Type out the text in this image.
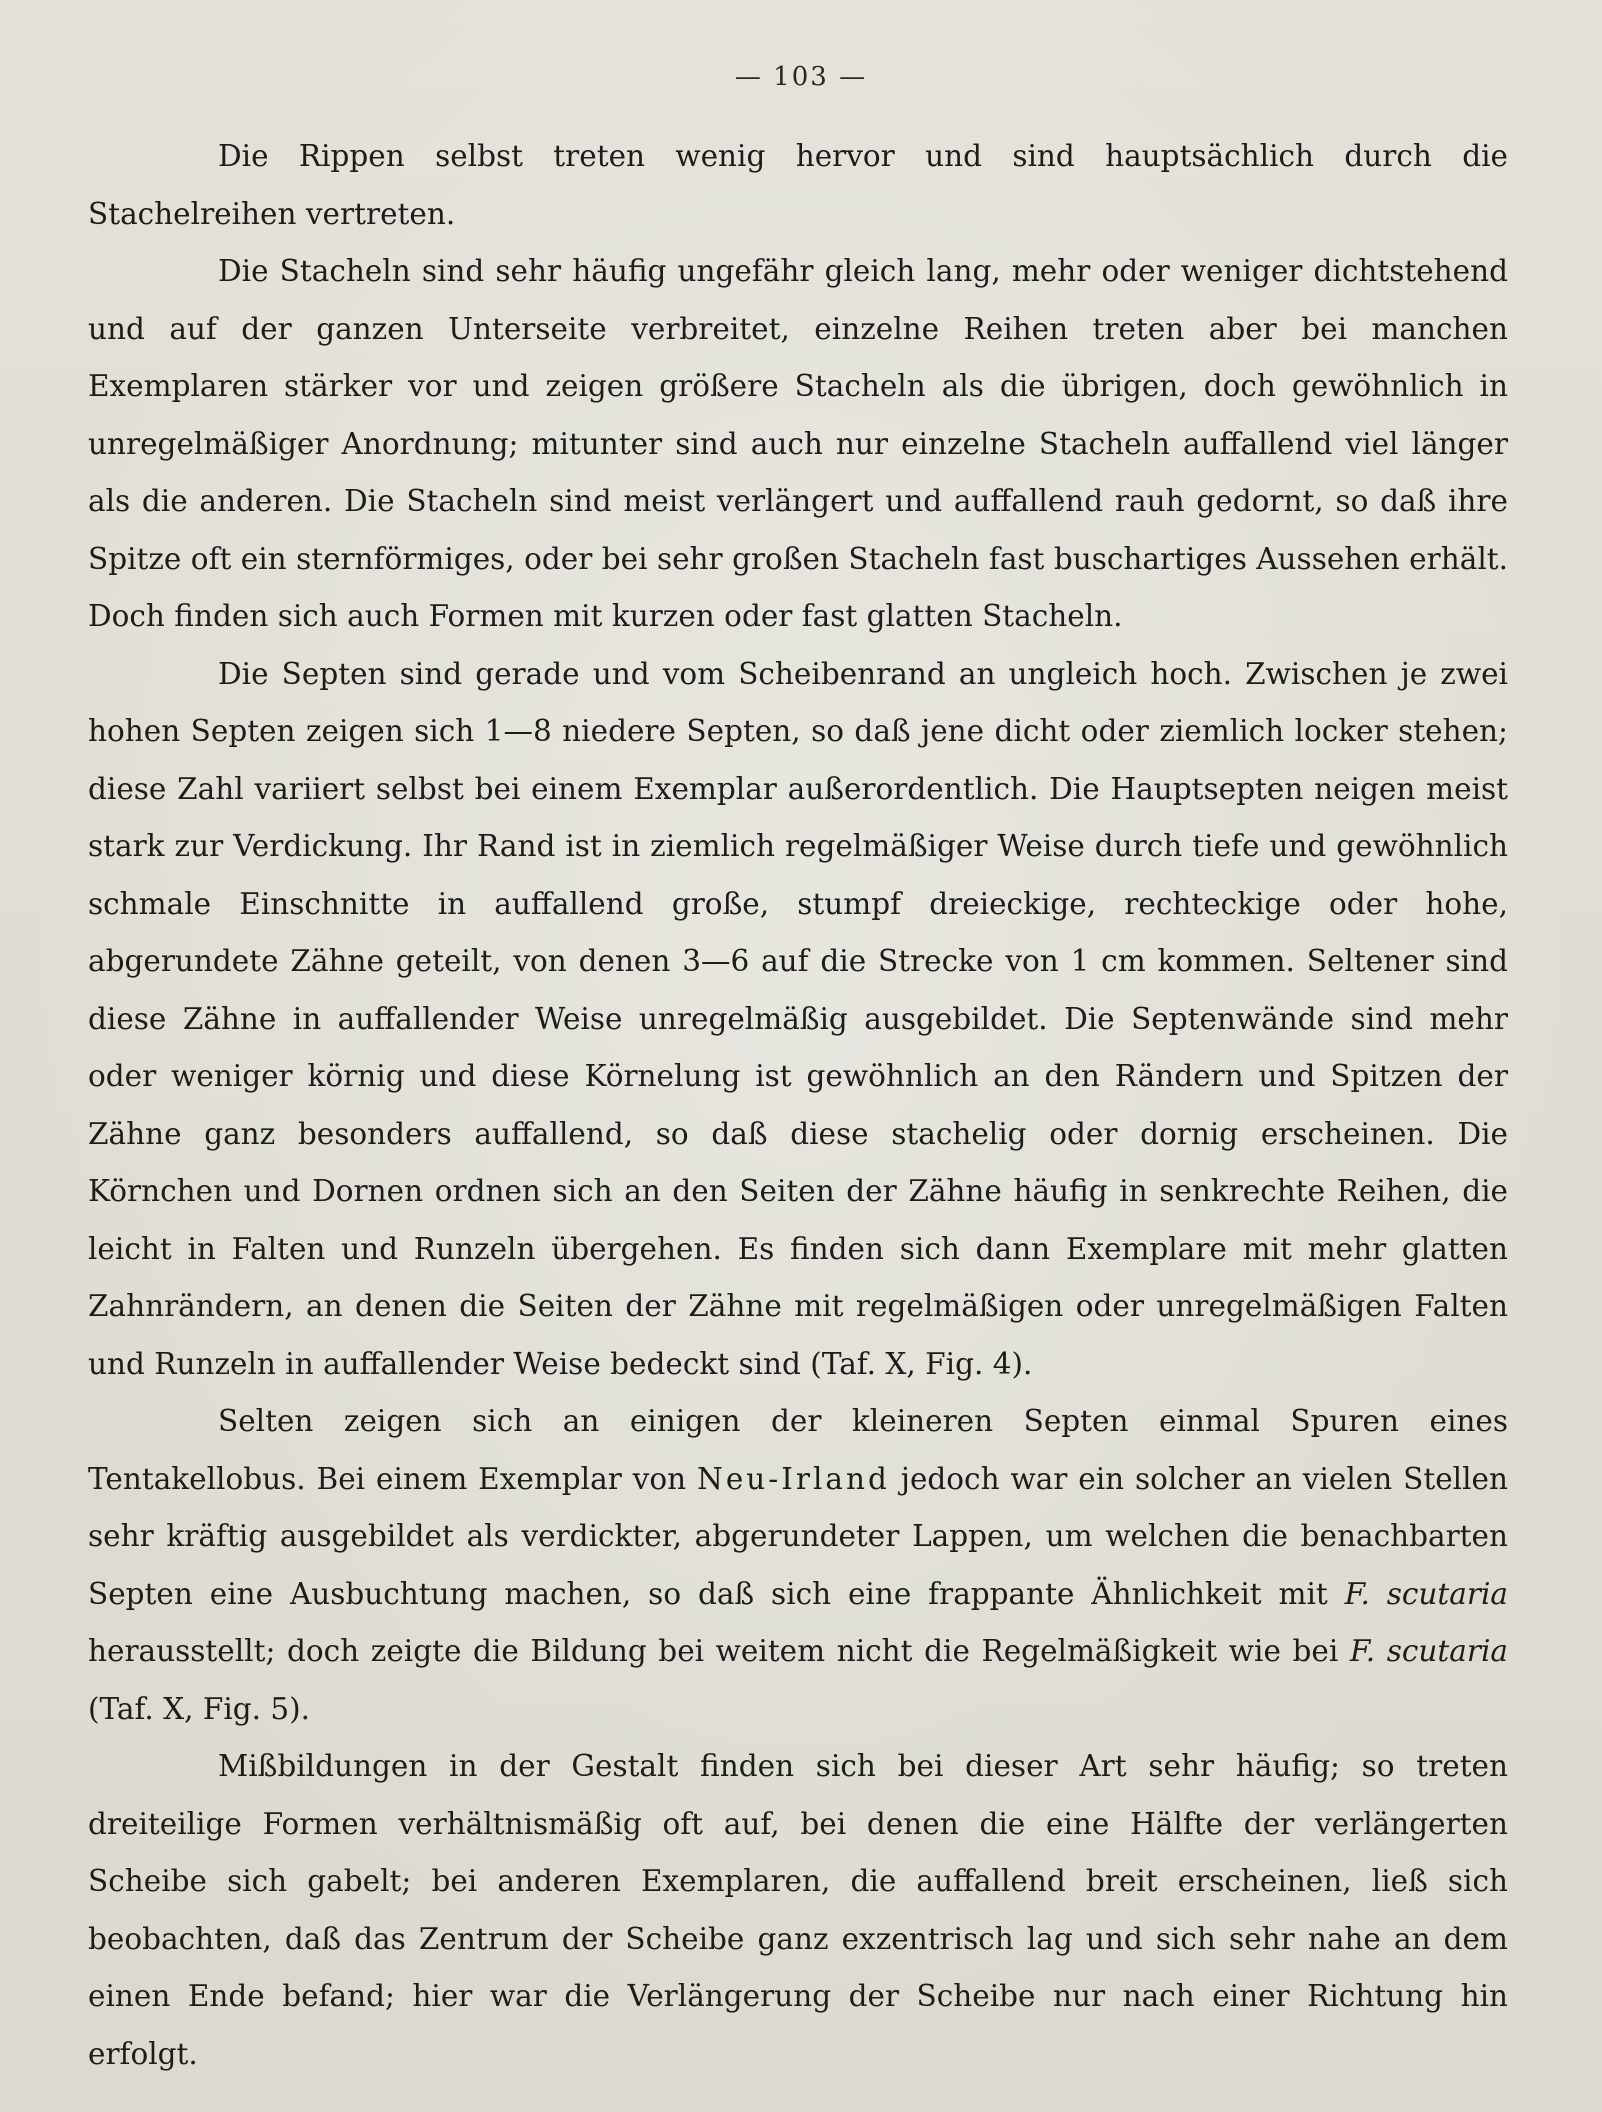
— 103 —

Die Rippen selbst treten wenig hervor und sind hauptsächlich durch die Stachelreihen vertreten.

Die Stacheln sind sehr häufig ungefähr gleich lang, mehr oder weniger dichtstehend und auf der ganzen Unterseite verbreitet, einzelne Reihen treten aber bei manchen Exemplaren stärker vor und zeigen größere Stacheln als die übrigen, doch gewöhnlich in unregelmäßiger Anordnung; mitunter sind auch nur einzelne Stacheln auffallend viel länger als die anderen. Die Stacheln sind meist verlängert und auffallend rauh gedornt, so daß ihre Spitze oft ein sternförmiges, oder bei sehr großen Stacheln fast buschartiges Aussehen erhält. Doch finden sich auch Formen mit kurzen oder fast glatten Stacheln.

Die Septen sind gerade und vom Scheibenrand an ungleich hoch. Zwischen je zwei hohen Septen zeigen sich 1—8 niedere Septen, so daß jene dicht oder ziemlich locker stehen; diese Zahl variiert selbst bei einem Exemplar außerordentlich. Die Hauptsepten neigen meist stark zur Verdickung. Ihr Rand ist in ziemlich regelmäßiger Weise durch tiefe und gewöhnlich schmale Einschnitte in auffallend große, stumpf dreieckige, rechteckige oder hohe, abgerundete Zähne geteilt, von denen 3—6 auf die Strecke von 1 cm kommen. Seltener sind diese Zähne in auffallender Weise unregelmäßig ausgebildet. Die Septenwände sind mehr oder weniger körnig und diese Körnelung ist gewöhnlich an den Rändern und Spitzen der Zähne ganz besonders auffallend, so daß diese stachelig oder dornig erscheinen. Die Körnchen und Dornen ordnen sich an den Seiten der Zähne häufig in senkrechte Reihen, die leicht in Falten und Runzeln übergehen. Es finden sich dann Exemplare mit mehr glatten Zahnrändern, an denen die Seiten der Zähne mit regelmäßigen oder unregelmäßigen Falten und Runzeln in auffallender Weise bedeckt sind (Taf. X, Fig. 4).

Selten zeigen sich an einigen der kleineren Septen einmal Spuren eines Tentakellobus. Bei einem Exemplar von Neu-Irland jedoch war ein solcher an vielen Stellen sehr kräftig ausgebildet als verdickter, abgerundeter Lappen, um welchen die benachbarten Septen eine Ausbuchtung machen, so daß sich eine frappante Ähnlichkeit mit F. scutaria herausstellt; doch zeigte die Bildung bei weitem nicht die Regelmäßigkeit wie bei F. scutaria (Taf. X, Fig. 5).

Mißbildungen in der Gestalt finden sich bei dieser Art sehr häufig; so treten dreiteilige Formen verhältnismäßig oft auf, bei denen die eine Hälfte der verlängerten Scheibe sich gabelt; bei anderen Exemplaren, die auffallend breit erscheinen, ließ sich beobachten, daß das Zentrum der Scheibe ganz exzentrisch lag und sich sehr nahe an dem einen Ende befand; hier war die Verlängerung der Scheibe nur nach einer Richtung hin erfolgt.
